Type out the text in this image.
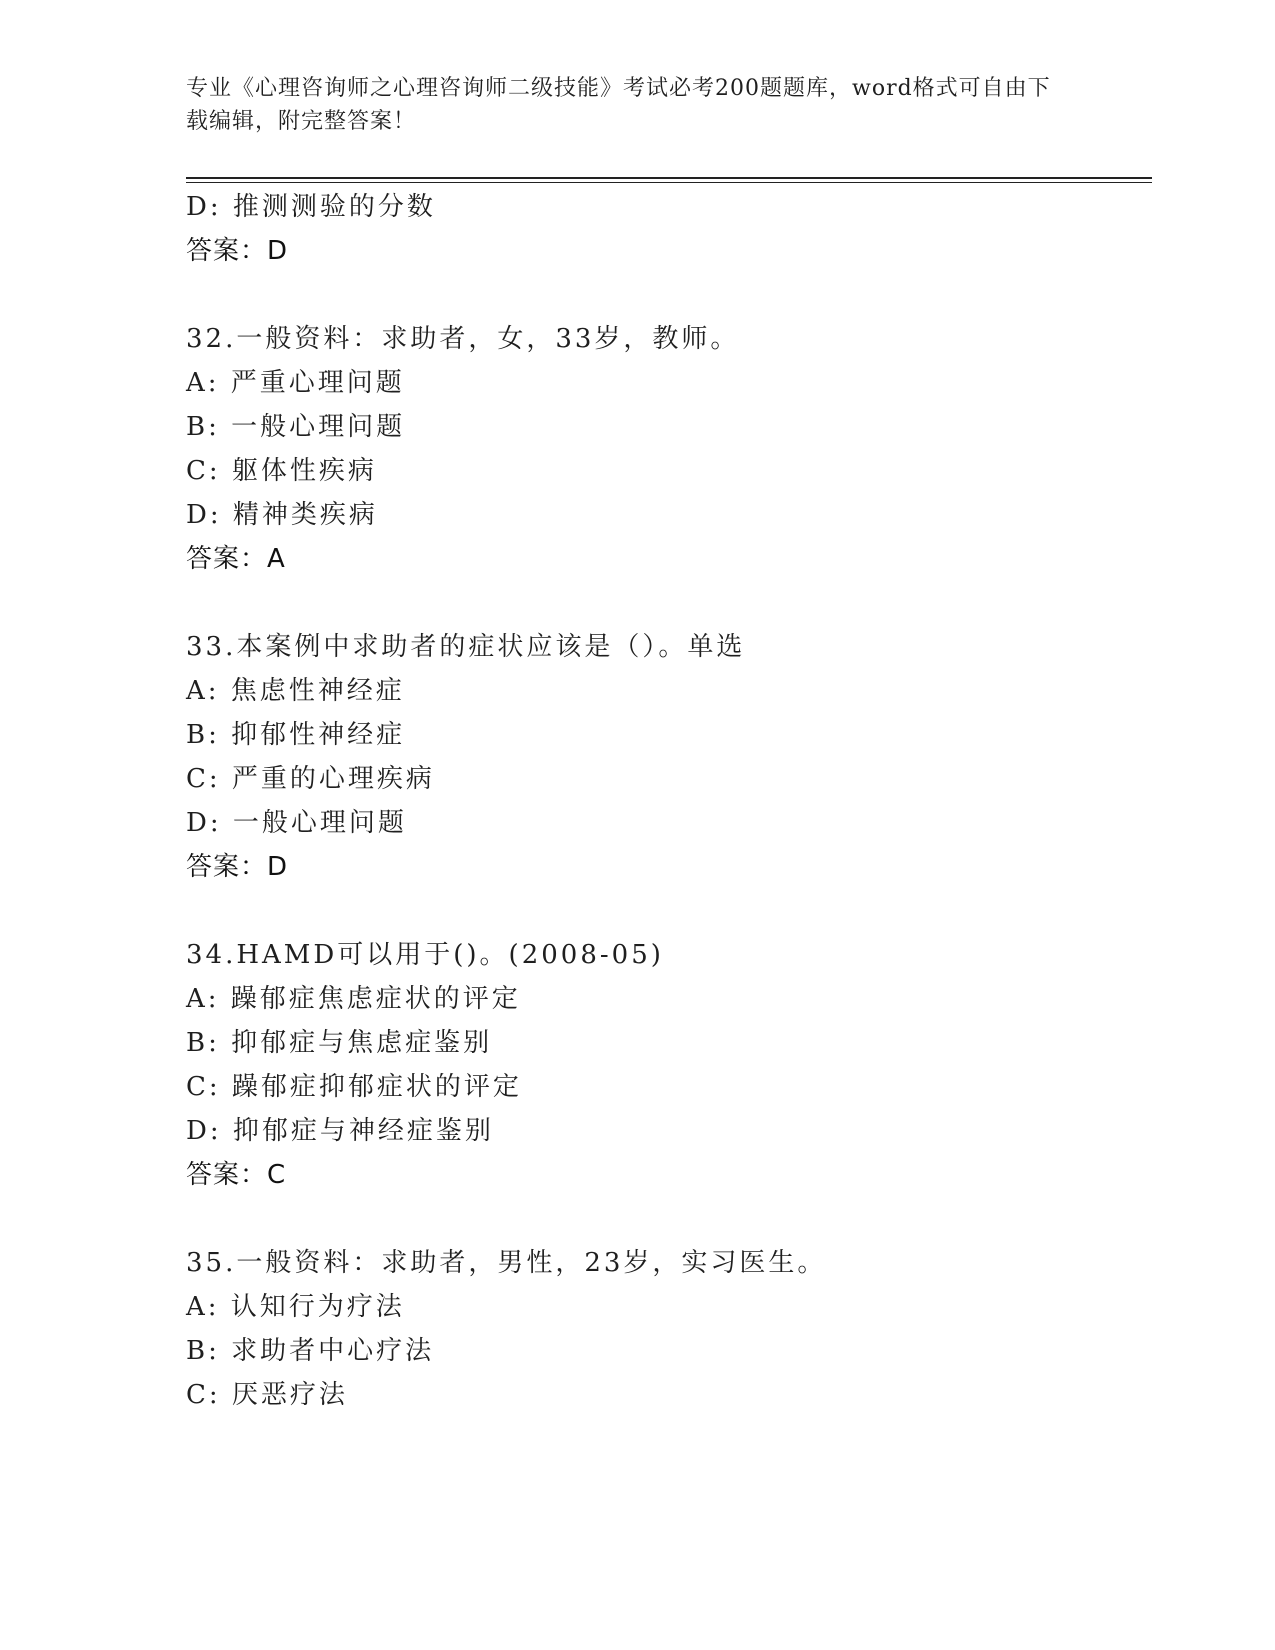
专业《心理咨询师之心理咨询师二级技能》考试必考200题题库，word格式可自由下载编辑，附完整答案！
D: 推测测验的分数
答案：D
32.一般资料：求助者，女，33岁，教师。
A: 严重心理问题
B: 一般心理问题
C: 躯体性疾病
D: 精神类疾病
答案：A
33.本案例中求助者的症状应该是（）。单选
A: 焦虑性神经症
B: 抑郁性神经症
C: 严重的心理疾病
D: 一般心理问题
答案：D
34.HAMD可以用于()。(2008-05)
A: 躁郁症焦虑症状的评定
B: 抑郁症与焦虑症鉴别
C: 躁郁症抑郁症状的评定
D: 抑郁症与神经症鉴别
答案：C
35.一般资料：求助者，男性，23岁，实习医生。
A: 认知行为疗法
B: 求助者中心疗法
C: 厌恶疗法
